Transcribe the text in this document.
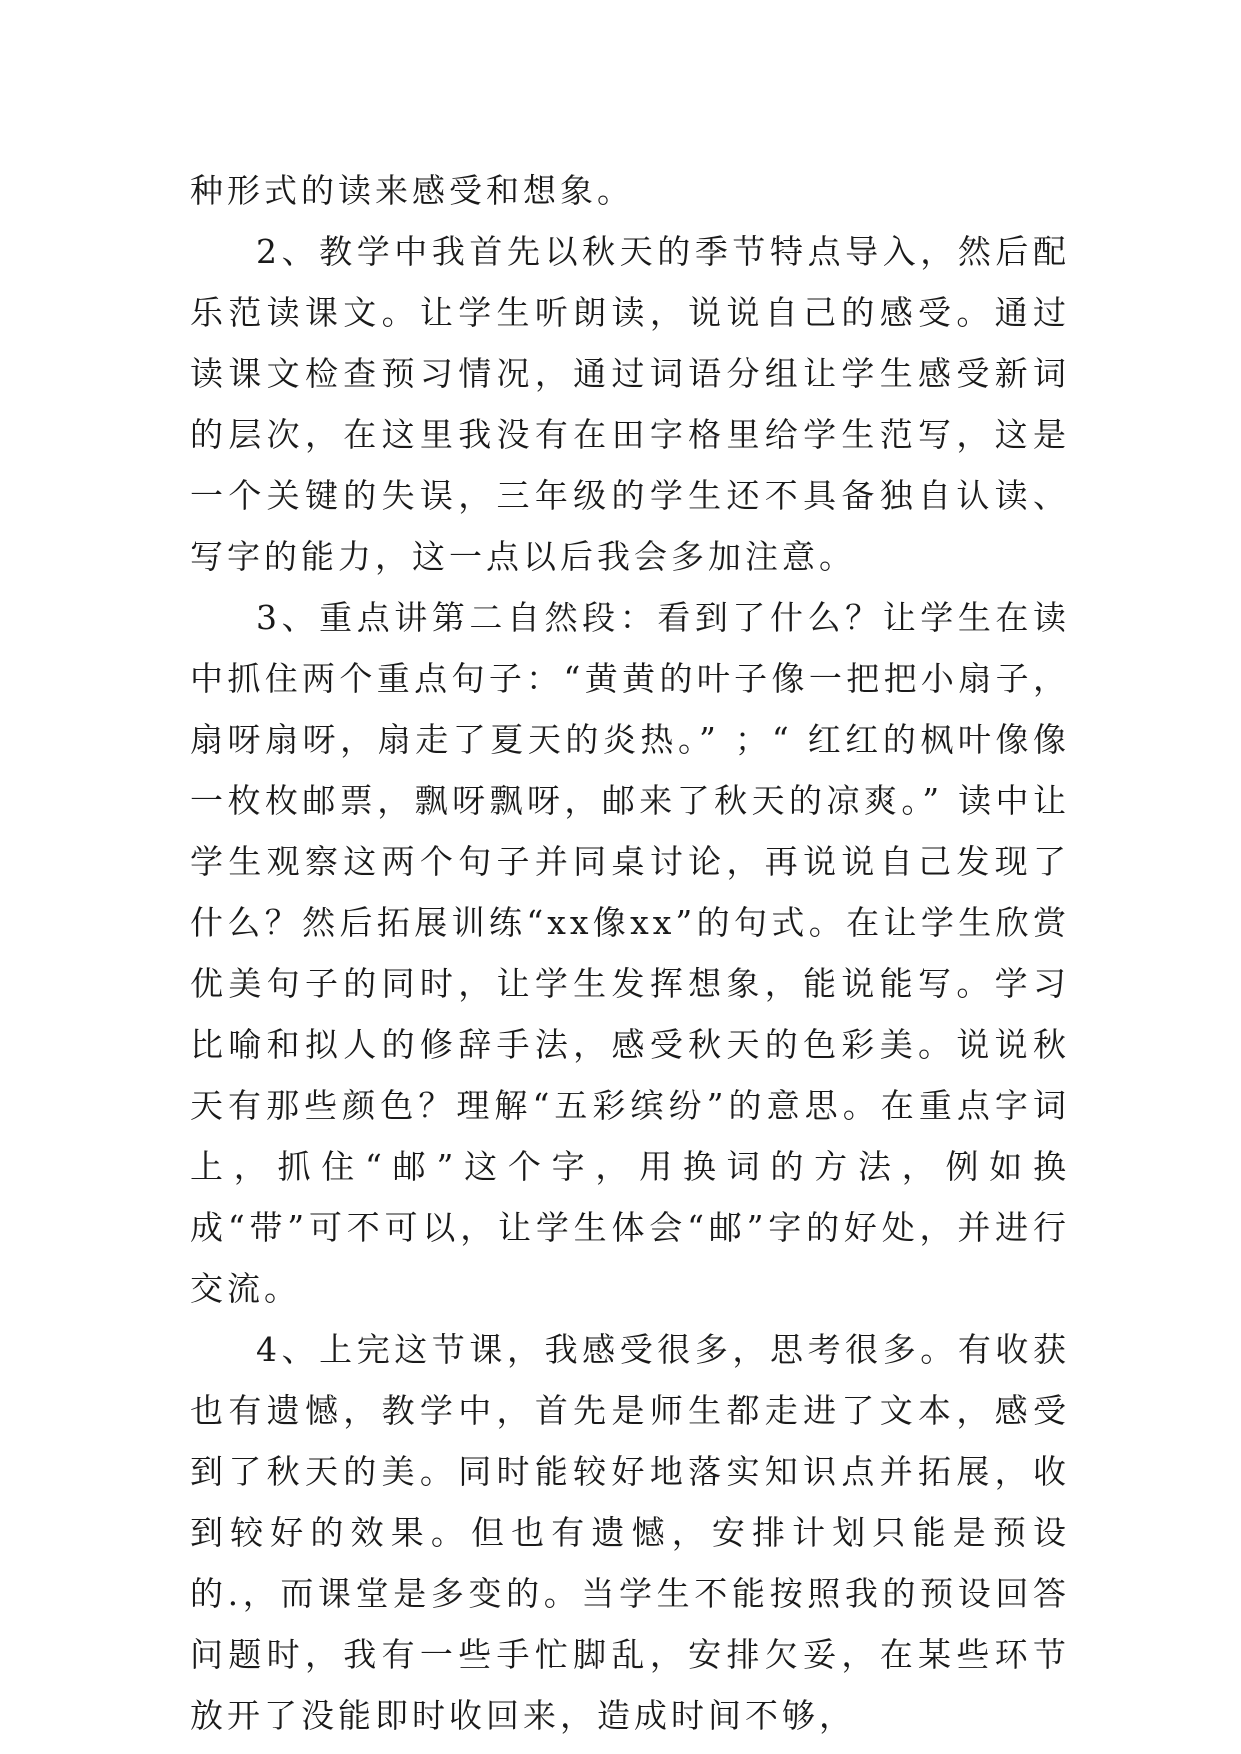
种形式的读来感受和想象。

2、教学中我首先以秋天的季节特点导入，然后配乐范读课文。让学生听朗读，说说自己的感受。通过读课文检查预习情况，通过词语分组让学生感受新词的层次，在这里我没有在田字格里给学生范写，这是一个关键的失误，三年级的学生还不具备独自认读、写字的能力，这一点以后我会多加注意。

3、重点讲第二自然段：看到了什么？让学生在读中抓住两个重点句子：“黄黄的叶子像一把把小扇子，扇呀扇呀，扇走了夏天的炎热。” ；“ 红红的枫叶像像一枚枚邮票，飘呀飘呀，邮来了秋天的凉爽。” 读中让学生观察这两个句子并同桌讨论，再说说自己发现了什么？然后拓展训练“xx像xx”的句式。在让学生欣赏优美句子的同时，让学生发挥想象，能说能写。学习比喻和拟人的修辞手法，感受秋天的色彩美。说说秋天有那些颜色？理解“五彩缤纷”的意思。在重点字词上，抓住“邮”这个字，用换词的方法，例如换成“带”可不可以，让学生体会“邮”字的好处，并进行交流。

4、上完这节课，我感受很多，思考很多。有收获也有遗憾，教学中，首先是师生都走进了文本，感受到了秋天的美。同时能较好地落实知识点并拓展，收到较好的效果。但也有遗憾，安排计划只能是预设的.，而课堂是多变的。当学生不能按照我的预设回答问题时，我有一些手忙脚乱，安排欠妥，在某些环节放开了没能即时收回来，造成时间不够，
